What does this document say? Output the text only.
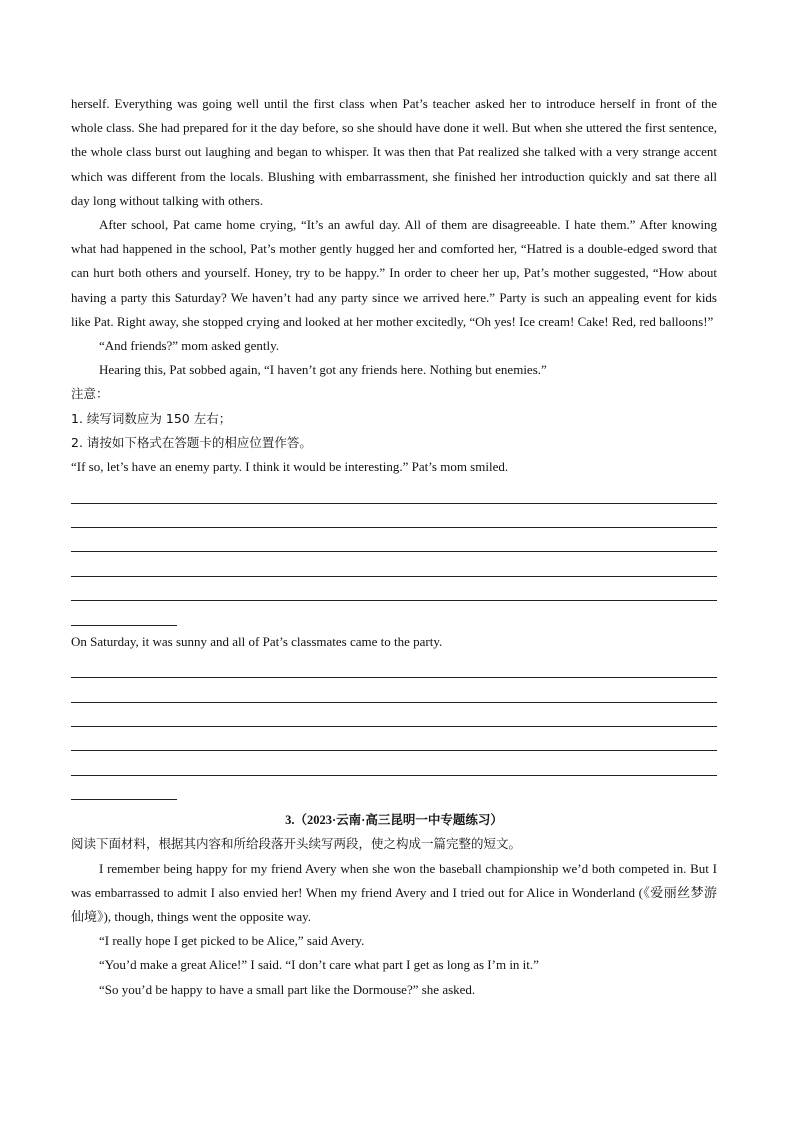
herself. Everything was going well until the first class when Pat’s teacher asked her to introduce herself in front of the whole class. She had prepared for it the day before, so she should have done it well. But when she uttered the first sentence, the whole class burst out laughing and began to whisper. It was then that Pat realized she talked with a very strange accent which was different from the locals. Blushing with embarrassment, she finished her introduction quickly and sat there all day long without talking with others.

After school, Pat came home crying, “It’s an awful day. All of them are disagreeable. I hate them.” After knowing what had happened in the school, Pat’s mother gently hugged her and comforted her, “Hatred is a double-edged sword that can hurt both others and yourself. Honey, try to be happy.” In order to cheer her up, Pat’s mother suggested, “How about having a party this Saturday? We haven’t had any party since we arrived here.” Party is such an appealing event for kids like Pat. Right away, she stopped crying and looked at her mother excitedly, “Oh yes! Ice cream! Cake! Red, red balloons!”

“And friends?” mom asked gently.

Hearing this, Pat sobbed again, “I haven’t got any friends here. Nothing but enemies.”

注意：

1. 续写词数应为 150 左右；

2. 请按如下格式在答题卡的相应位置作答。

“If so, let’s have an enemy party. I think it would be interesting.” Pat’s mom smiled.

On Saturday, it was sunny and all of Pat’s classmates came to the party.

3.（2023·云南·高三昆明一中专题练习）

阅读下面材料，根据其内容和所给段落开头续写两段，使之构成一篇完整的短文。

I remember being happy for my friend Avery when she won the baseball championship we’d both competed in. But I was embarrassed to admit I also envied her! When my friend Avery and I tried out for Alice in Wonderland (《爱丽丝梦游仙境》), though, things went the opposite way.

“I really hope I get picked to be Alice,” said Avery.

“You’d make a great Alice!” I said. “I don’t care what part I get as long as I’m in it.”

“So you’d be happy to have a small part like the Dormouse?” she asked.
